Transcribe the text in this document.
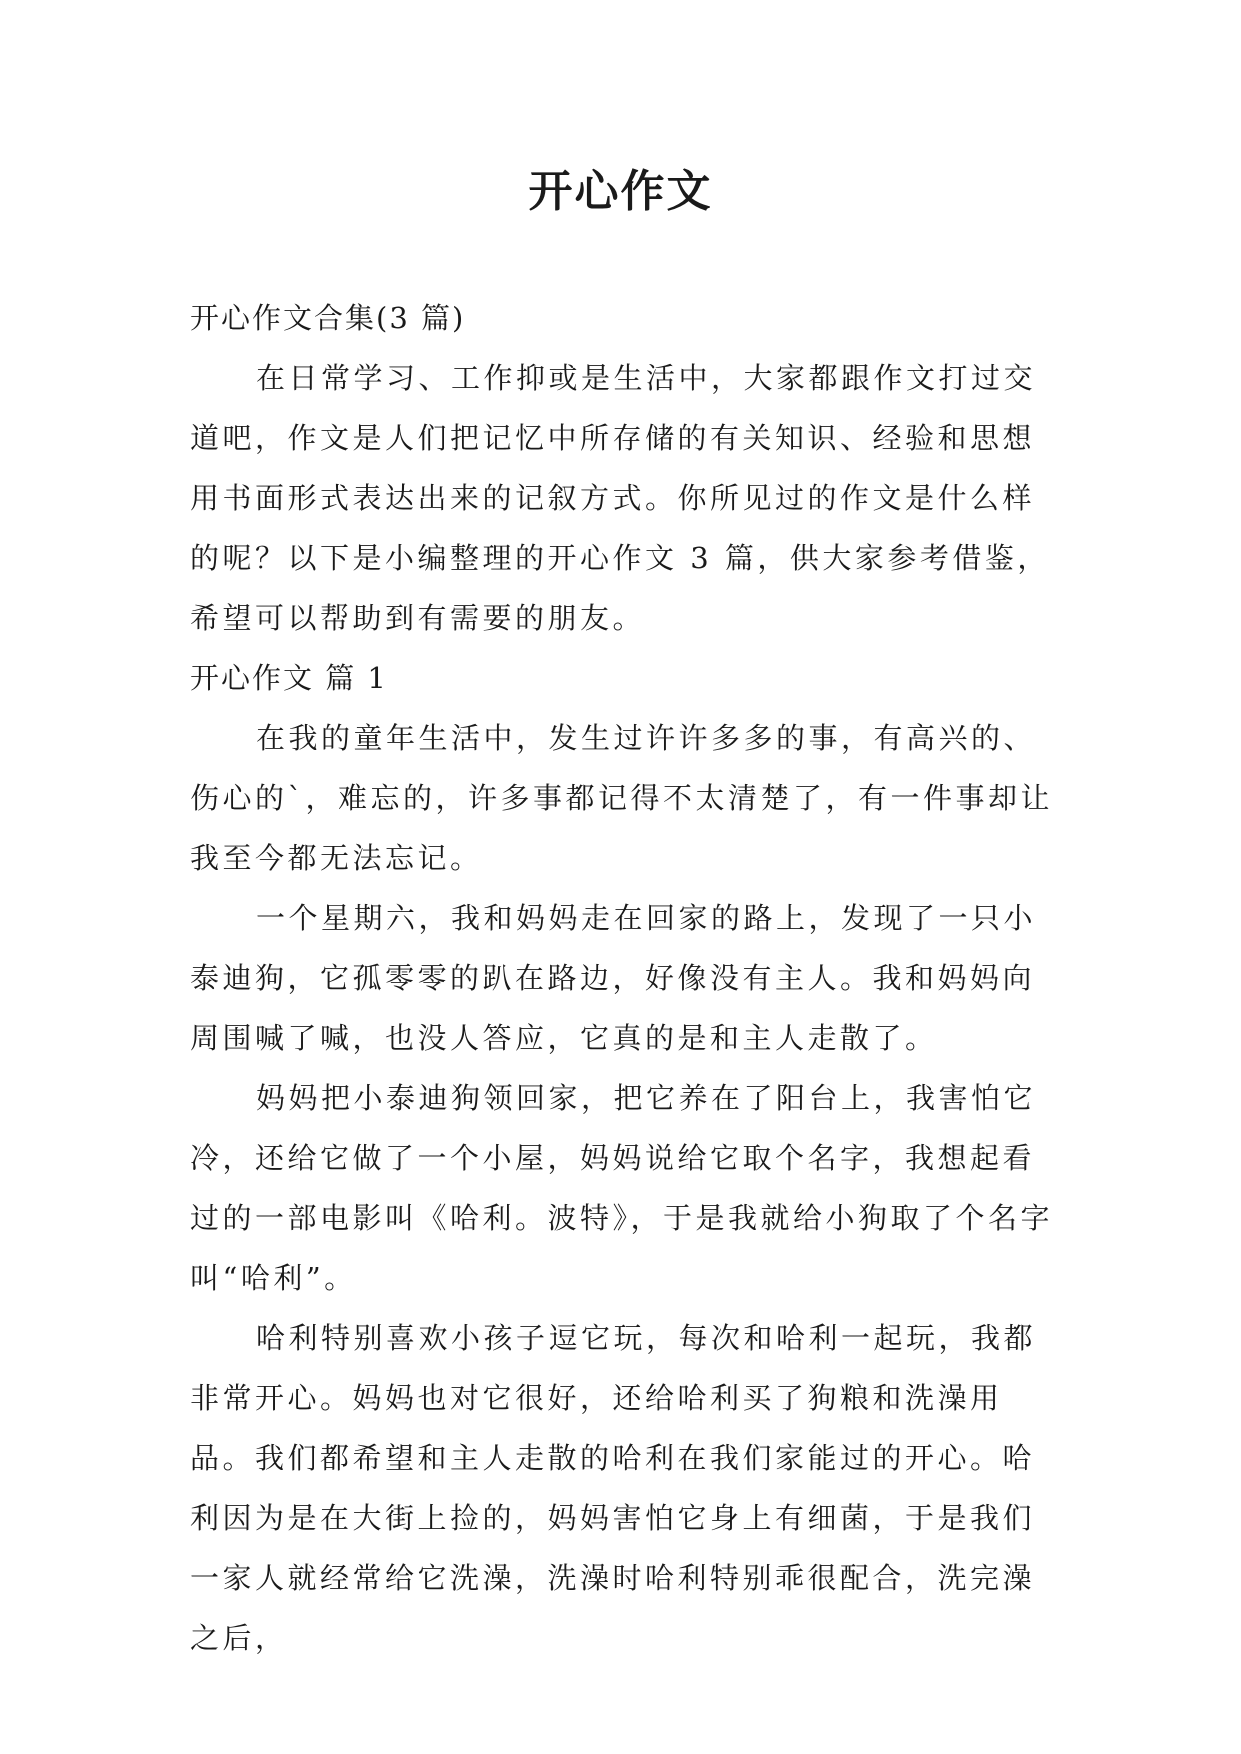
开心作文
开心作文合集(3 篇)

在日常学习、工作抑或是生活中，大家都跟作文打过交道吧，作文是人们把记忆中所存储的有关知识、经验和思想用书面形式表达出来的记叙方式。你所见过的作文是什么样的呢？以下是小编整理的开心作文 3 篇，供大家参考借鉴，希望可以帮助到有需要的朋友。

开心作文 篇 1

在我的童年生活中，发生过许许多多的事，有高兴的、伤心的`，难忘的，许多事都记得不太清楚了，有一件事却让我至今都无法忘记。

一个星期六，我和妈妈走在回家的路上，发现了一只小泰迪狗，它孤零零的趴在路边，好像没有主人。我和妈妈向周围喊了喊，也没人答应，它真的是和主人走散了。

妈妈把小泰迪狗领回家，把它养在了阳台上，我害怕它冷，还给它做了一个小屋，妈妈说给它取个名字，我想起看过的一部电影叫《哈利。波特》，于是我就给小狗取了个名字叫“哈利”。

哈利特别喜欢小孩子逗它玩，每次和哈利一起玩，我都非常开心。妈妈也对它很好，还给哈利买了狗粮和洗澡用品。我们都希望和主人走散的哈利在我们家能过的开心。哈利因为是在大街上捡的，妈妈害怕它身上有细菌，于是我们一家人就经常给它洗澡，洗澡时哈利特别乖很配合，洗完澡之后，
